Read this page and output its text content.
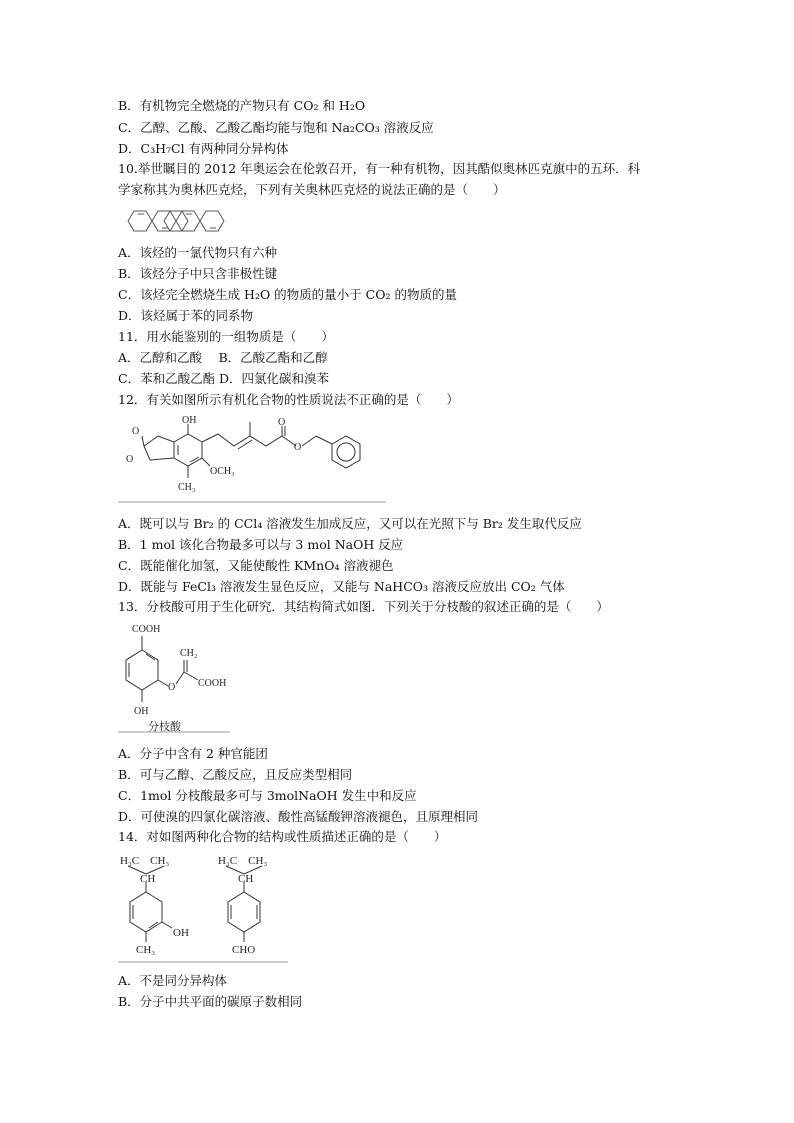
B．有机物完全燃烧的产物只有 CO₂ 和 H₂O
C．乙醇、乙酸、乙酸乙酯均能与饱和 Na₂CO₃ 溶液反应
D．C₃H₇Cl 有两种同分异构体
10.举世瞩目的 2012 年奥运会在伦敦召开，有一种有机物，因其酷似奥林匹克旗中的五环．科
学家称其为奥林匹克烃，下列有关奥林匹克烃的说法正确的是（　　）
A．该烃的一氯代物只有六种
B．该烃分子中只含非极性键
C．该烃完全燃烧生成 H₂O 的物质的量小于 CO₂ 的物质的量
D．该烃属于苯的同系物
11．用水能鉴别的一组物质是（　　）
A．乙醇和乙酸　 B．乙酸乙酯和乙醇
C．苯和乙酸乙酯 D．四氯化碳和溴苯
12．有关如图所示有机化合物的性质说法不正确的是（　　）
OH
O
O
OCH₃
CH₃
O
O
A．既可以与 Br₂ 的 CCl₄ 溶液发生加成反应，又可以在光照下与 Br₂ 发生取代反应
B．1 mol 该化合物最多可以与 3 mol NaOH 反应
C．既能催化加氢，又能使酸性 KMnO₄ 溶液褪色
D．既能与 FeCl₃ 溶液发生显色反应，又能与 NaHCO₃ 溶液反应放出 CO₂ 气体
13．分枝酸可用于生化研究．其结构简式如图．下列关于分枝酸的叙述正确的是（　　）
COOH
CH₂
COOH
O
OH
分枝酸
A．分子中含有 2 种官能团
B．可与乙醇、乙酸反应，且反应类型相同
C．1mol 分枝酸最多可与 3molNaOH 发生中和反应
D．可使溴的四氯化碳溶液、酸性高锰酸钾溶液褪色，且原理相同
14．对如图两种化合物的结构或性质描述正确的是（　　）
H₃C　CH₃
CH
OH
CH₃
H₃C　CH₃
CH
CHO
A．不是同分异构体
B．分子中共平面的碳原子数相同
